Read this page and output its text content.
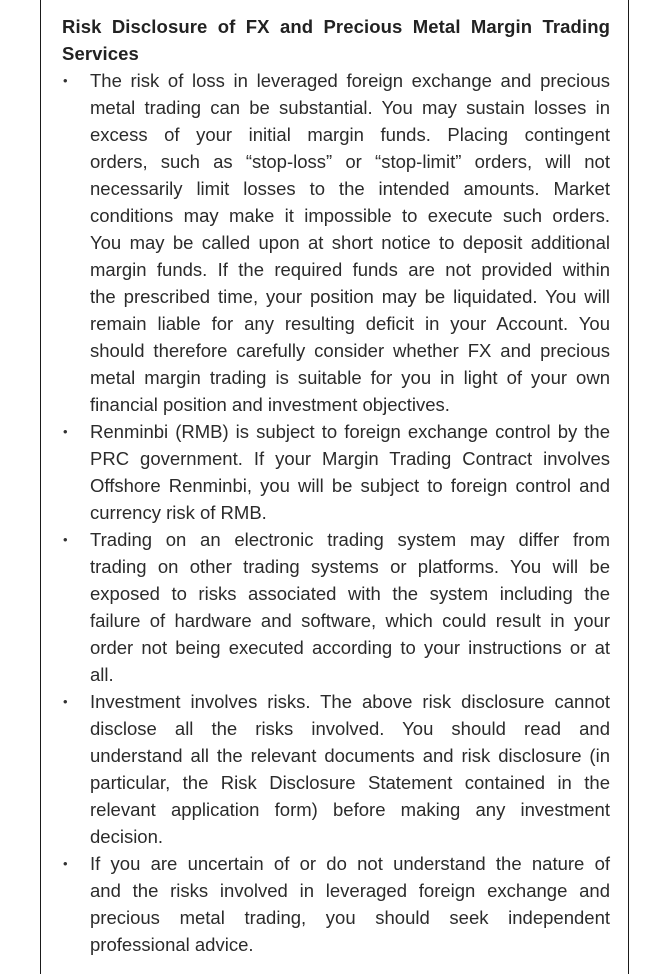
Risk Disclosure of FX and Precious Metal Margin Trading
Services
• The risk of loss in leveraged foreign exchange and precious
metal trading can be substantial. You may sustain losses in
excess of your initial margin funds. Placing contingent
orders, such as “stop-loss” or “stop-limit” orders, will not
necessarily limit losses to the intended amounts. Market
conditions may make it impossible to execute such orders.
You may be called upon at short notice to deposit additional
margin funds. If the required funds are not provided within
the prescribed time, your position may be liquidated. You will
remain liable for any resulting deficit in your Account. You
should therefore carefully consider whether FX and precious
metal margin trading is suitable for you in light of your own
financial position and investment objectives.
• Renminbi (RMB) is subject to foreign exchange control by the
PRC government. If your Margin Trading Contract involves
Offshore Renminbi, you will be subject to foreign control and
currency risk of RMB.
• Trading on an electronic trading system may differ from
trading on other trading systems or platforms. You will be
exposed to risks associated with the system including the
failure of hardware and software, which could result in your
order not being executed according to your instructions or at
all.
• Investment involves risks. The above risk disclosure cannot
disclose all the risks involved. You should read and
understand all the relevant documents and risk disclosure (in
particular, the Risk Disclosure Statement contained in the
relevant application form) before making any investment
decision.
• If you are uncertain of or do not understand the nature of
and the risks involved in leveraged foreign exchange and
precious metal trading, you should seek independent
professional advice.
